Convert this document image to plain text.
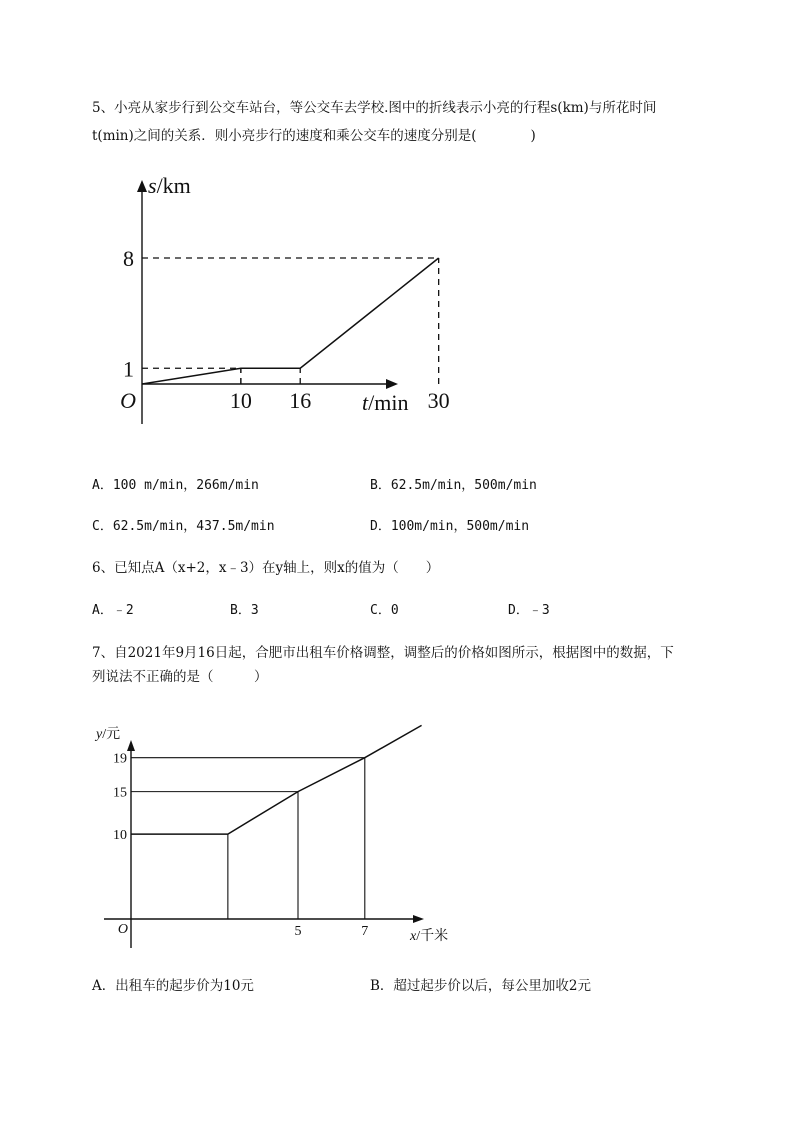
5、小亮从家步行到公交车站台，等公交车去学校.图中的折线表示小亮的行程s(km)与所花时间
t(min)之间的关系．则小亮步行的速度和乘公交车的速度分别是(　　　　)
1
8
10 16	30
O	t/min
s/km
A．100 m/min，266m/min	B．62.5m/min，500m/min
C．62.5m/min，437.5m/min	D．100m/min，500m/min
6、已知点A（x+2，x﹣3）在y轴上，则x的值为（　　）
A．﹣2	B．3	C．0	D．﹣3
7、自2021年9月16日起，合肥市出租车价格调整，调整后的价格如图所示，根据图中的数据，下
列说法不正确的是（　　　）
10
15
19
5	7
O	x/千米
y/元
A．出租车的起步价为10元	B．超过起步价以后，每公里加收2元
